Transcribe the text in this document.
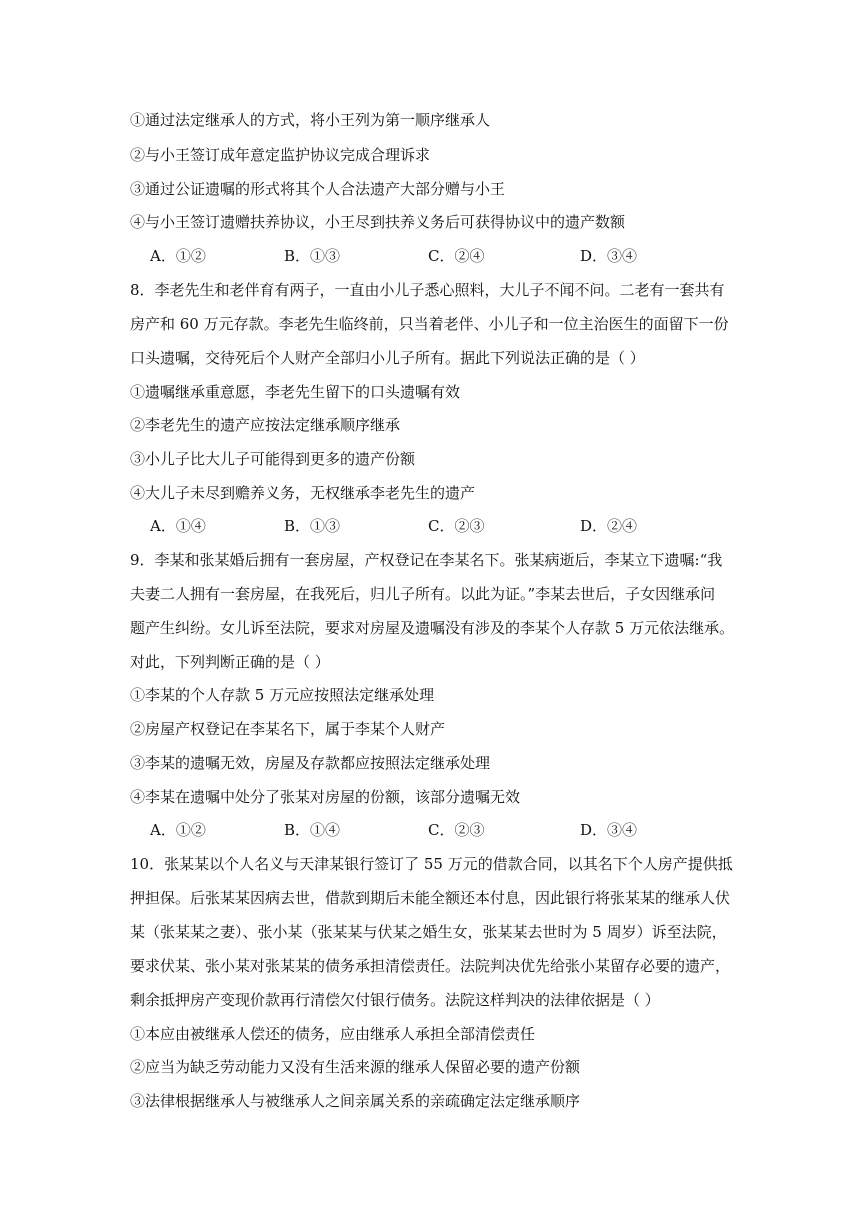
①通过法定继承人的方式，将小王列为第一顺序继承人
②与小王签订成年意定监护协议完成合理诉求
③通过公证遗嘱的形式将其个人合法遗产大部分赠与小王
④与小王签订遗赠扶养协议，小王尽到扶养义务后可获得协议中的遗产数额
A．①②	B．①③	C．②④	D．③④
8．李老先生和老伴育有两子，一直由小儿子悉心照料，大儿子不闻不问。二老有一套共有
房产和 60 万元存款。李老先生临终前，只当着老伴、小儿子和一位主治医生的面留下一份
口头遗嘱，交待死后个人财产全部归小儿子所有。据此下列说法正确的是（ ）
①遗嘱继承重意愿，李老先生留下的口头遗嘱有效
②李老先生的遗产应按法定继承顺序继承
③小儿子比大儿子可能得到更多的遗产份额
④大儿子未尽到赡养义务，无权继承李老先生的遗产
A．①④	B．①③	C．②③	D．②④
9．李某和张某婚后拥有一套房屋，产权登记在李某名下。张某病逝后，李某立下遗嘱:“我
夫妻二人拥有一套房屋，在我死后，归儿子所有。以此为证。”李某去世后，子女因继承问
题产生纠纷。女儿诉至法院，要求对房屋及遗嘱没有涉及的李某个人存款 5 万元依法继承。
对此，下列判断正确的是（ ）
①李某的个人存款 5 万元应按照法定继承处理
②房屋产权登记在李某名下，属于李某个人财产
③李某的遗嘱无效，房屋及存款都应按照法定继承处理
④李某在遗嘱中处分了张某对房屋的份额，该部分遗嘱无效
A．①②	B．①④	C．②③	D．③④
10．张某某以个人名义与天津某银行签订了 55 万元的借款合同，以其名下个人房产提供抵
押担保。后张某某因病去世，借款到期后未能全额还本付息，因此银行将张某某的继承人伏
某（张某某之妻）、张小某（张某某与伏某之婚生女，张某某去世时为 5 周岁）诉至法院，
要求伏某、张小某对张某某的债务承担清偿责任。法院判决优先给张小某留存必要的遗产，
剩余抵押房产变现价款再行清偿欠付银行债务。法院这样判决的法律依据是（ ）
①本应由被继承人偿还的债务，应由继承人承担全部清偿责任
②应当为缺乏劳动能力又没有生活来源的继承人保留必要的遗产份额
③法律根据继承人与被继承人之间亲属关系的亲疏确定法定继承顺序
